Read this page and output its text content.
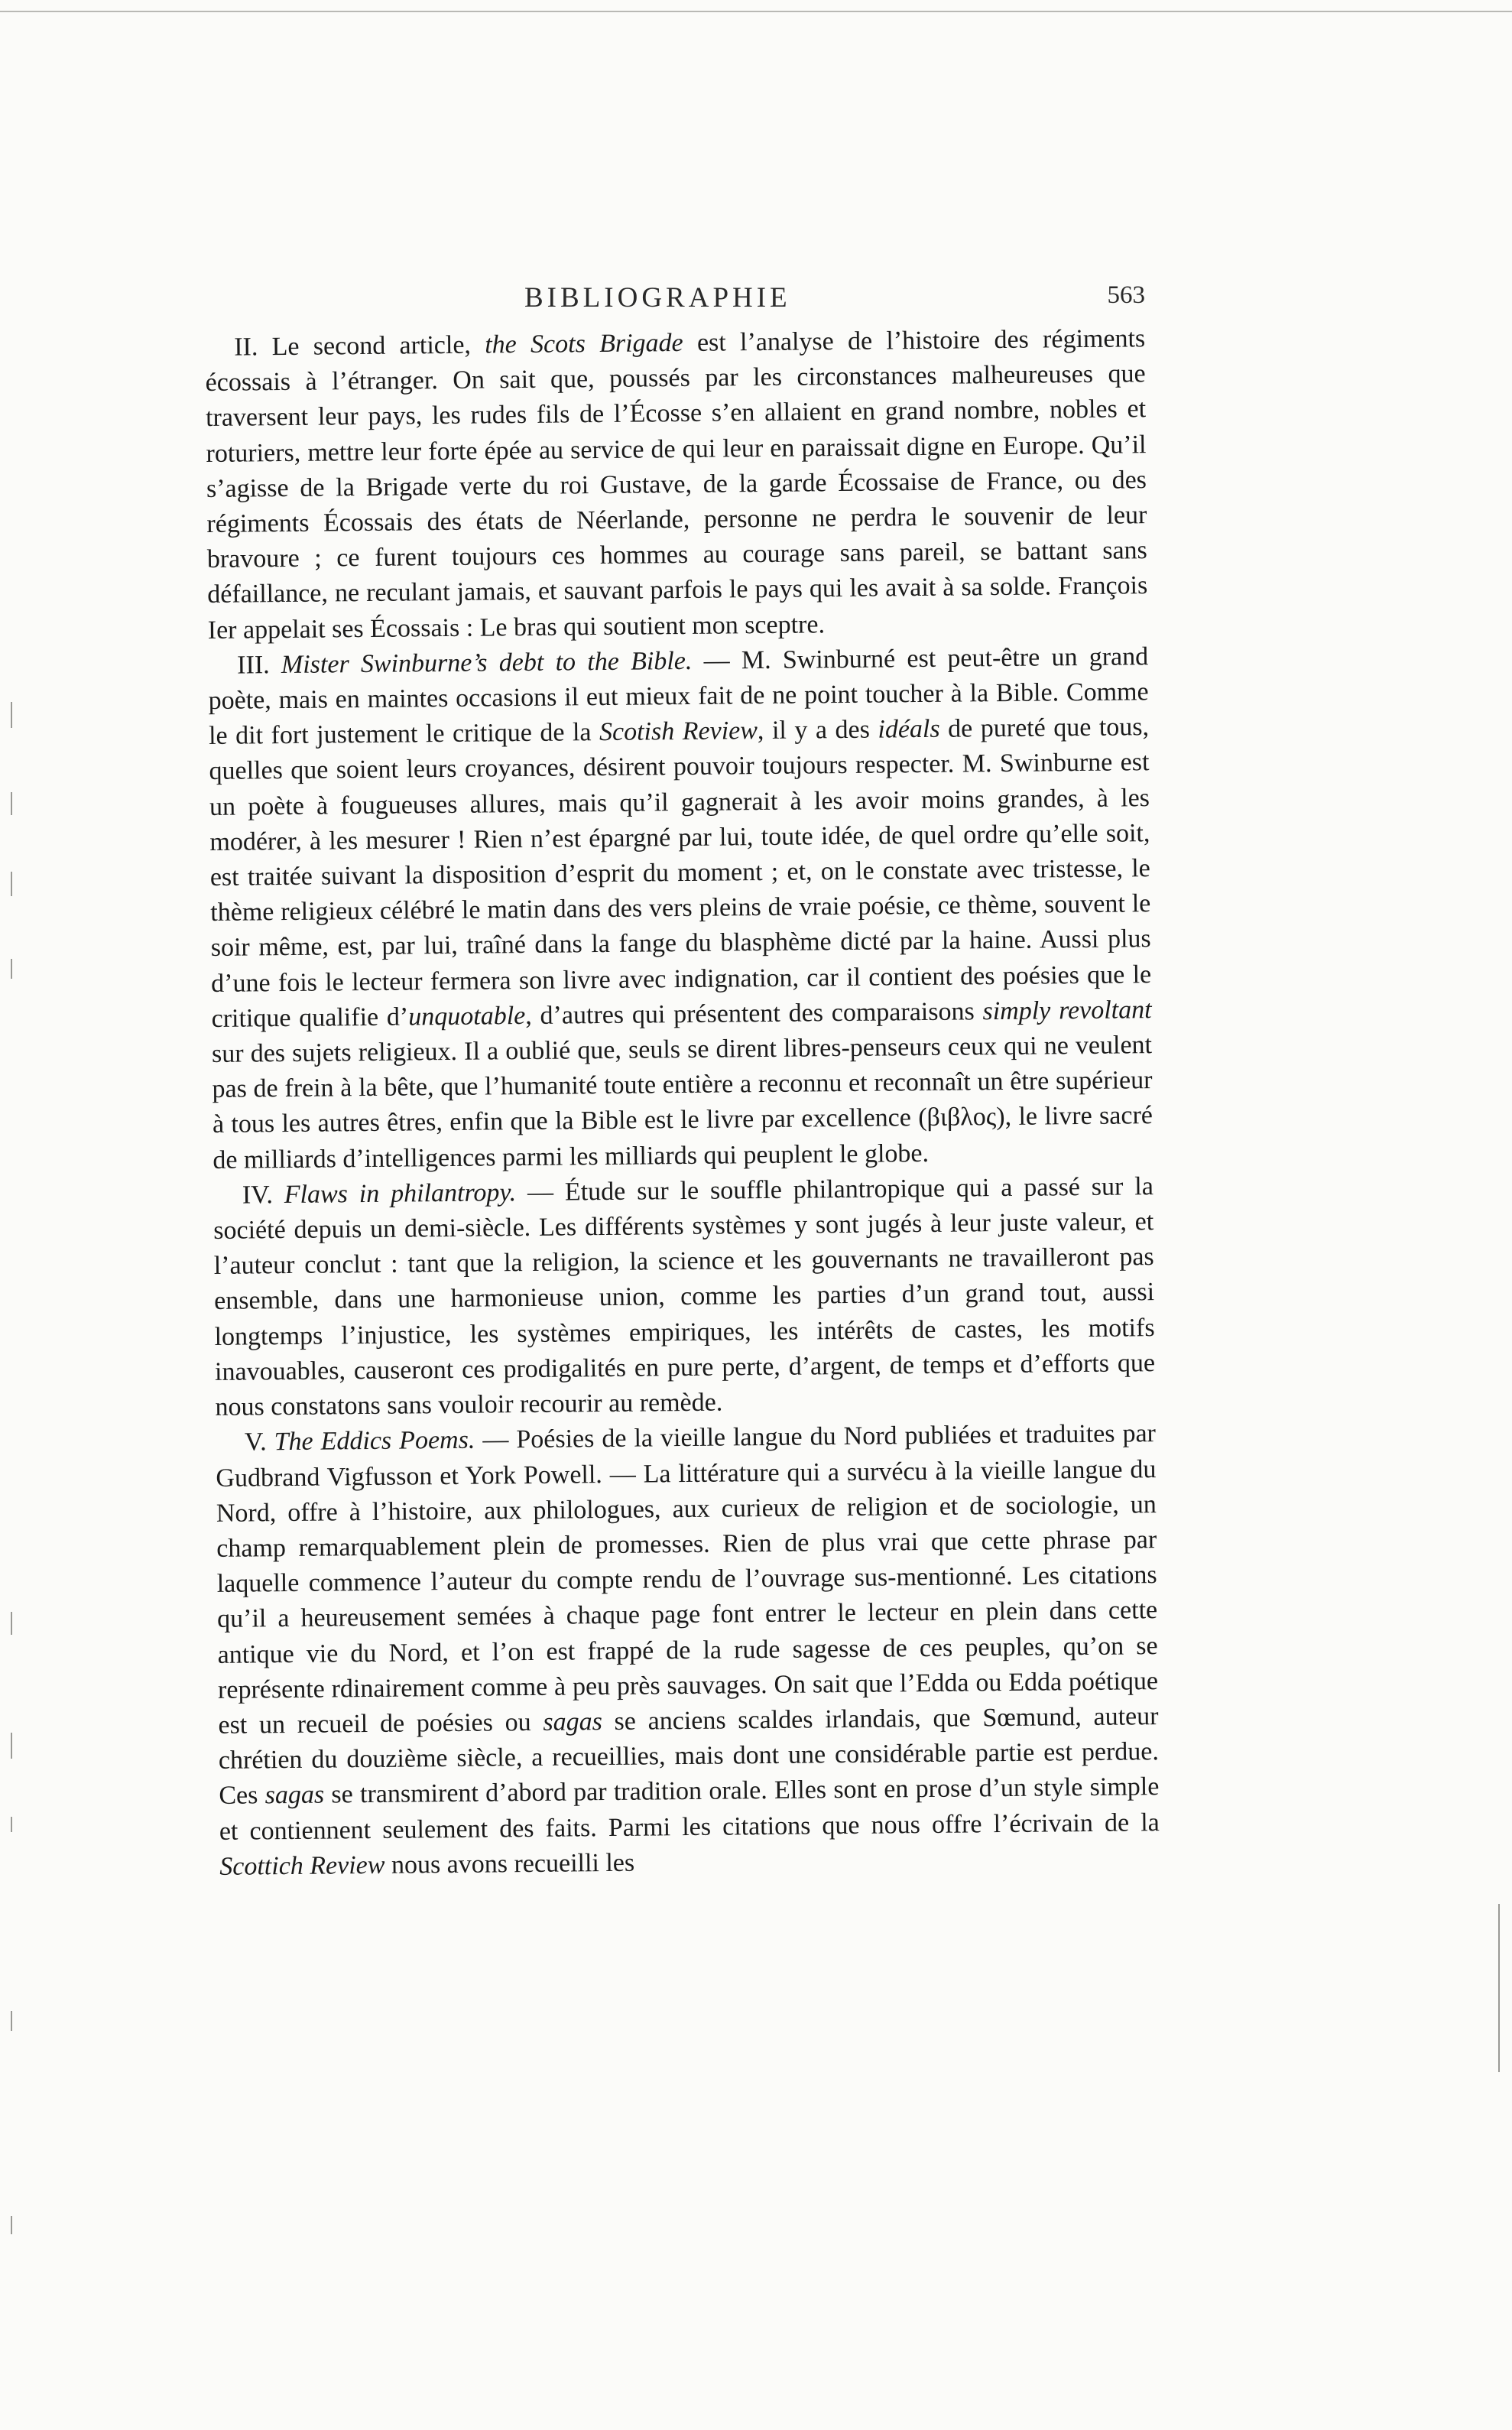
BIBLIOGRAPHIE	563

II. Le second article, the Scots Brigade est l’analyse de l’histoire des régiments écossais à l’étranger. On sait que, poussés par les circonstances malheureuses que traversent leur pays, les rudes fils de l’Écosse s’en allaient en grand nombre, nobles et roturiers, mettre leur forte épée au service de qui leur en paraissait digne en Europe. Qu’il s’agisse de la Brigade verte du roi Gustave, de la garde Écossaise de France, ou des régiments Écossais des états de Néerlande, personne ne perdra le souvenir de leur bravoure ; ce furent toujours ces hommes au courage sans pareil, se battant sans défaillance, ne reculant jamais, et sauvant parfois le pays qui les avait à sa solde. François Ier appelait ses Écossais : Le bras qui soutient mon sceptre.

III. Mister Swinburne’s debt to the Bible. — M. Swinburné est peut-être un grand poète, mais en maintes occasions il eut mieux fait de ne point toucher à la Bible. Comme le dit fort justement le critique de la Scotish Review, il y a des idéals de pureté que tous, quelles que soient leurs croyances, désirent pouvoir toujours respecter. M. Swinburne est un poète à fougueuses allures, mais qu’il gagnerait à les avoir moins grandes, à les modérer, à les mesurer ! Rien n’est épargné par lui, toute idée, de quel ordre qu’elle soit, est traitée suivant la disposition d’esprit du moment ; et, on le constate avec tristesse, le thème religieux célébré le matin dans des vers pleins de vraie poésie, ce thème, souvent le soir même, est, par lui, traîné dans la fange du blasphème dicté par la haine. Aussi plus d’une fois le lecteur fermera son livre avec indignation, car il contient des poésies que le critique qualifie d’unquotable, d’autres qui présentent des comparaisons simply revoltant sur des sujets religieux. Il a oublié que, seuls se dirent libres-penseurs ceux qui ne veulent pas de frein à la bête, que l’humanité toute entière a reconnu et reconnaît un être supérieur à tous les autres êtres, enfin que la Bible est le livre par excellence (βιβλος), le livre sacré de milliards d’intelligences parmi les milliards qui peuplent le globe.

IV. Flaws in philantropy. — Étude sur le souffle philantropique qui a passé sur la société depuis un demi-siècle. Les différents systèmes y sont jugés à leur juste valeur, et l’auteur conclut : tant que la religion, la science et les gouvernants ne travailleront pas ensemble, dans une harmonieuse union, comme les parties d’un grand tout, aussi longtemps l’injustice, les systèmes empiriques, les intérêts de castes, les motifs inavouables, causeront ces prodigalités en pure perte, d’argent, de temps et d’efforts que nous constatons sans vouloir recourir au remède.

V. The Eddics Poems. — Poésies de la vieille langue du Nord publiées et traduites par Gudbrand Vigfusson et York Powell. — La littérature qui a survécu à la vieille langue du Nord, offre à l’histoire, aux philologues, aux curieux de religion et de sociologie, un champ remarquablement plein de promesses. Rien de plus vrai que cette phrase par laquelle commence l’auteur du compte rendu de l’ouvrage sus-mentionné. Les citations qu’il a heureusement semées à chaque page font entrer le lecteur en plein dans cette antique vie du Nord, et l’on est frappé de la rude sagesse de ces peuples, qu’on se représente rdinairement comme à peu près sauvages. On sait que l’Edda ou Edda poétique est un recueil de poésies ou sagas se anciens scaldes irlandais, que Sœmund, auteur chrétien du douzième siècle, a recueillies, mais dont une considérable partie est perdue. Ces sagas se transmirent d’abord par tradition orale. Elles sont en prose d’un style simple et contiennent seulement des faits. Parmi les citations que nous offre l’écrivain de la Scottich Review nous avons recueilli les
